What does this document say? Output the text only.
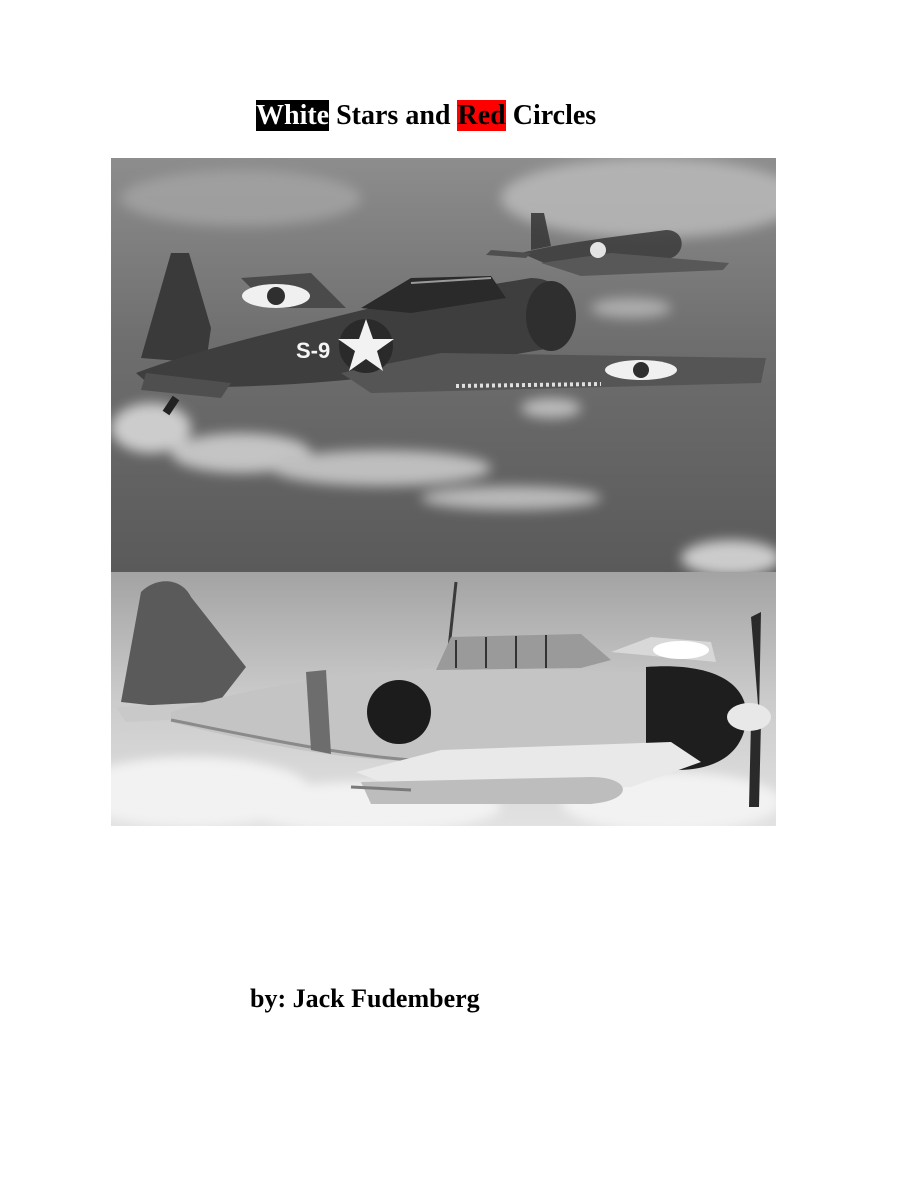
White Stars and Red Circles
S-9
by: Jack Fudemberg
